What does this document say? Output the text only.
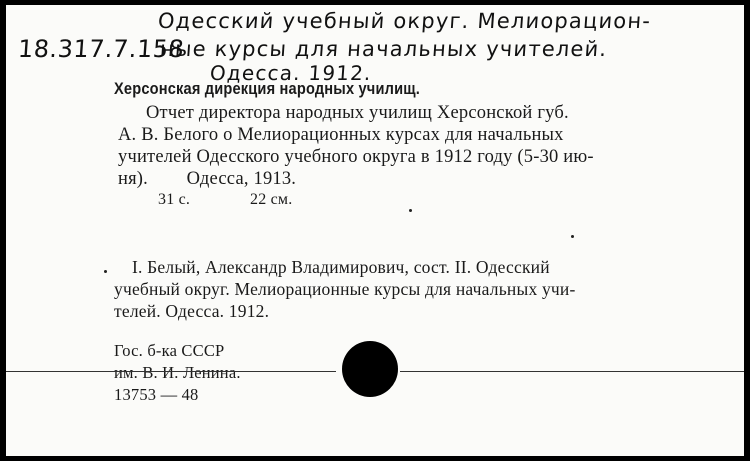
18.317.7.158
Одесский учебный округ. Мелиорацион-
ные курсы для начальных учителей.
Одесса. 1912.
Херсонская дирекция народных училищ.
Отчет директора народных училищ Херсонской губ.
А. В. Белого о Мелиорационных курсах для начальных
учителей Одесского учебного округа в 1912 году (5-30 ию-
ня).        Одесса, 1913.
31 с.	22 см.
I. Белый, Александр Владимирович, сост. II. Одесский
учебный округ. Мелиорационные курсы для начальных учи-
телей. Одесса. 1912.
Гос. б-ка СССР
им. В. И. Ленина.
13753 — 48
